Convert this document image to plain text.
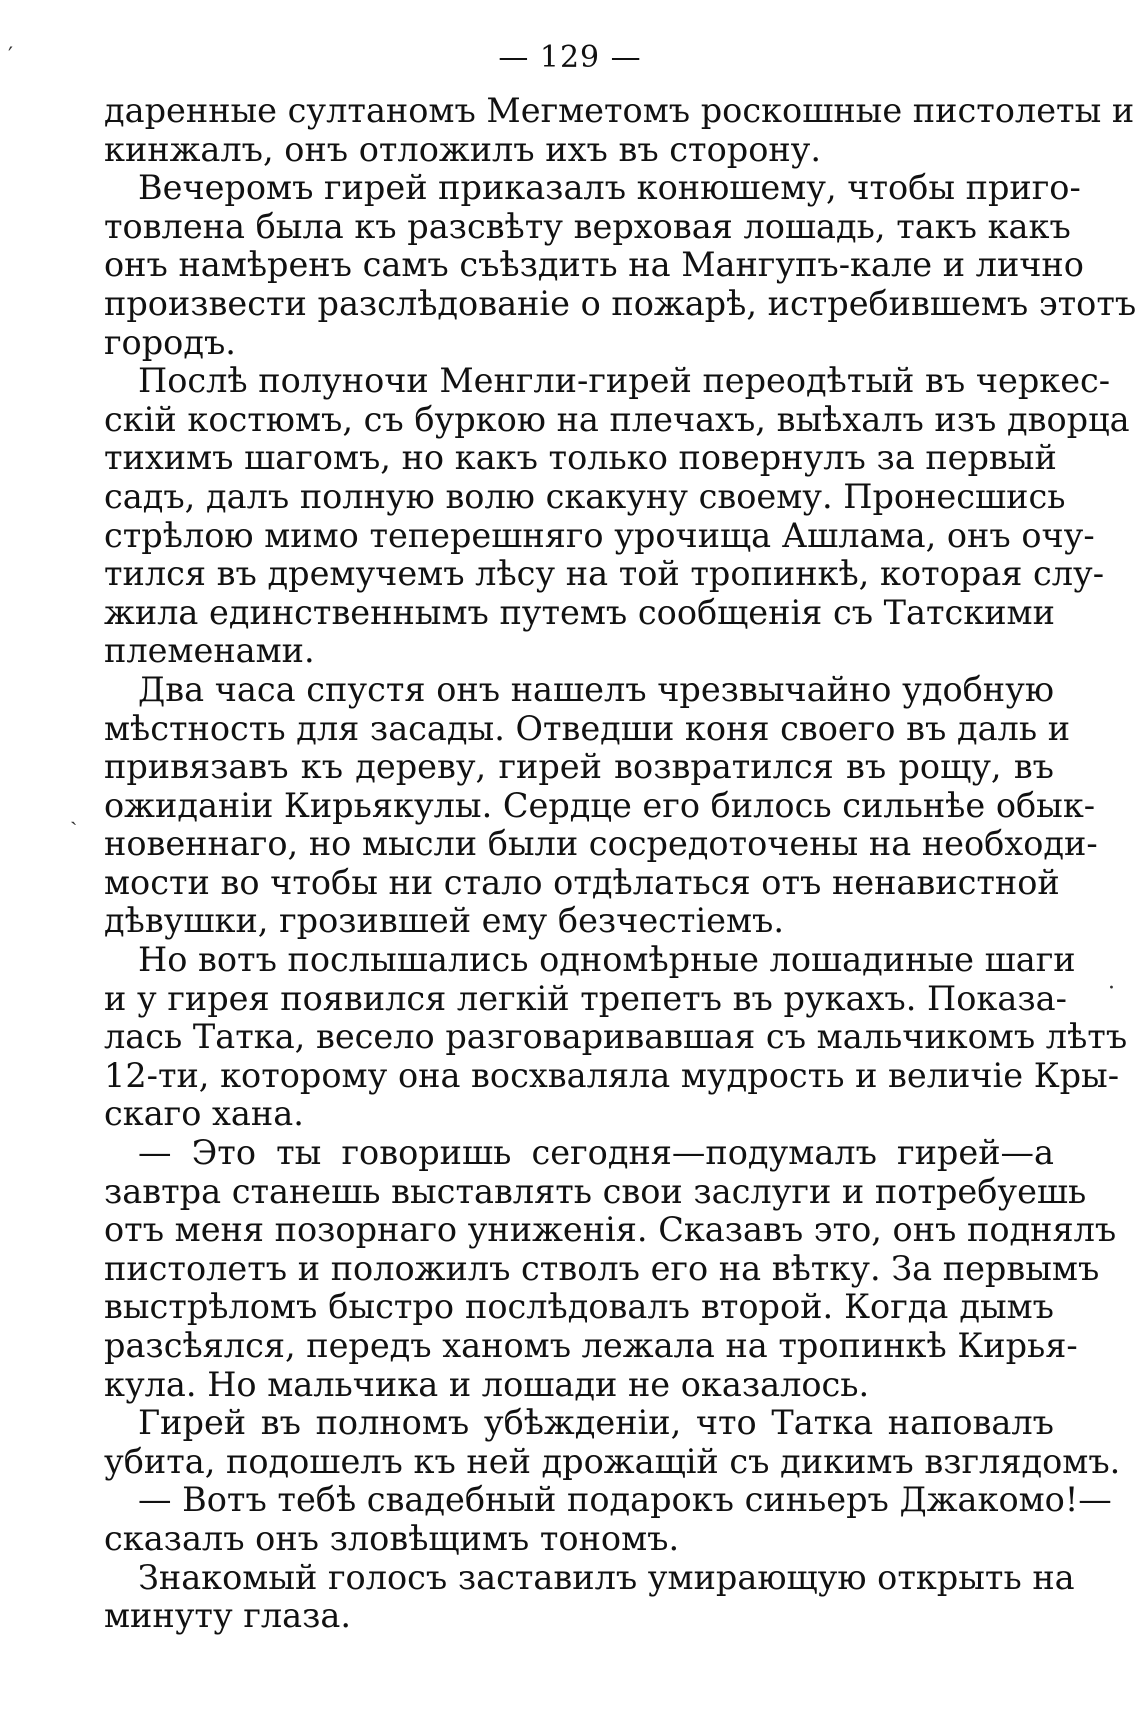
— 129 —
даренные султаномъ Мегметомъ роскошные пистолеты и
кинжалъ, онъ отложилъ ихъ въ сторону.
Вечеромъ гирей приказалъ конюшему, чтобы приго-
товлена была къ разсвѣту верховая лошадь, такъ какъ
онъ намѣренъ самъ съѣздить на Мангупъ-кале и лично
произвести разслѣдованіе о пожарѣ, истребившемъ этотъ
городъ.
Послѣ полуночи Менгли-гирей переодѣтый въ черкес-
скій костюмъ, съ буркою на плечахъ, выѣхалъ изъ дворца
тихимъ шагомъ, но какъ только повернулъ за первый
садъ, далъ полную волю скакуну своему. Пронесшись
стрѣлою мимо теперешняго урочища Ашлама, онъ очу-
тился въ дремучемъ лѣсу на той тропинкѣ, которая слу-
жила единственнымъ путемъ сообщенія съ Татскими
племенами.
Два часа спустя онъ нашелъ чрезвычайно удобную
мѣстность для засады. Отведши коня своего въ даль и
привязавъ къ дереву, гирей возвратился въ рощу, въ
ожиданіи Кирьякулы. Сердце его билось сильнѣе обык-
новеннаго, но мысли были сосредоточены на необходи-
мости во чтобы ни стало отдѣлаться отъ ненавистной
дѣвушки, грозившей ему безчестіемъ.
Но вотъ послышались одномѣрные лошадиные шаги
и у гирея появился легкій трепетъ въ рукахъ. Показа-
лась Татка, весело разговаривавшая съ мальчикомъ лѣтъ
12-ти, которому она восхваляла мудрость и величіе Кры-
скаго хана.
— Это ты говоришь сегодня—подумалъ гирей—а
завтра станешь выставлять свои заслуги и потребуешь
отъ меня позорнаго униженія. Сказавъ это, онъ поднялъ
пистолетъ и положилъ стволъ его на вѣтку. За первымъ
выстрѣломъ быстро послѣдовалъ второй. Когда дымъ
разсѣялся, передъ ханомъ лежала на тропинкѣ Кирья-
кула. Но мальчика и лошади не оказалось.
Гирей въ полномъ убѣжденіи, что Татка наповалъ
убита, подошелъ къ ней дрожащій съ дикимъ взглядомъ.
— Вотъ тебѣ свадебный подарокъ синьеръ Джакомо!—
сказалъ онъ зловѣщимъ тономъ.
Знакомый голосъ заставилъ умирающую открыть на
минуту глаза.
′
ˎ
·
